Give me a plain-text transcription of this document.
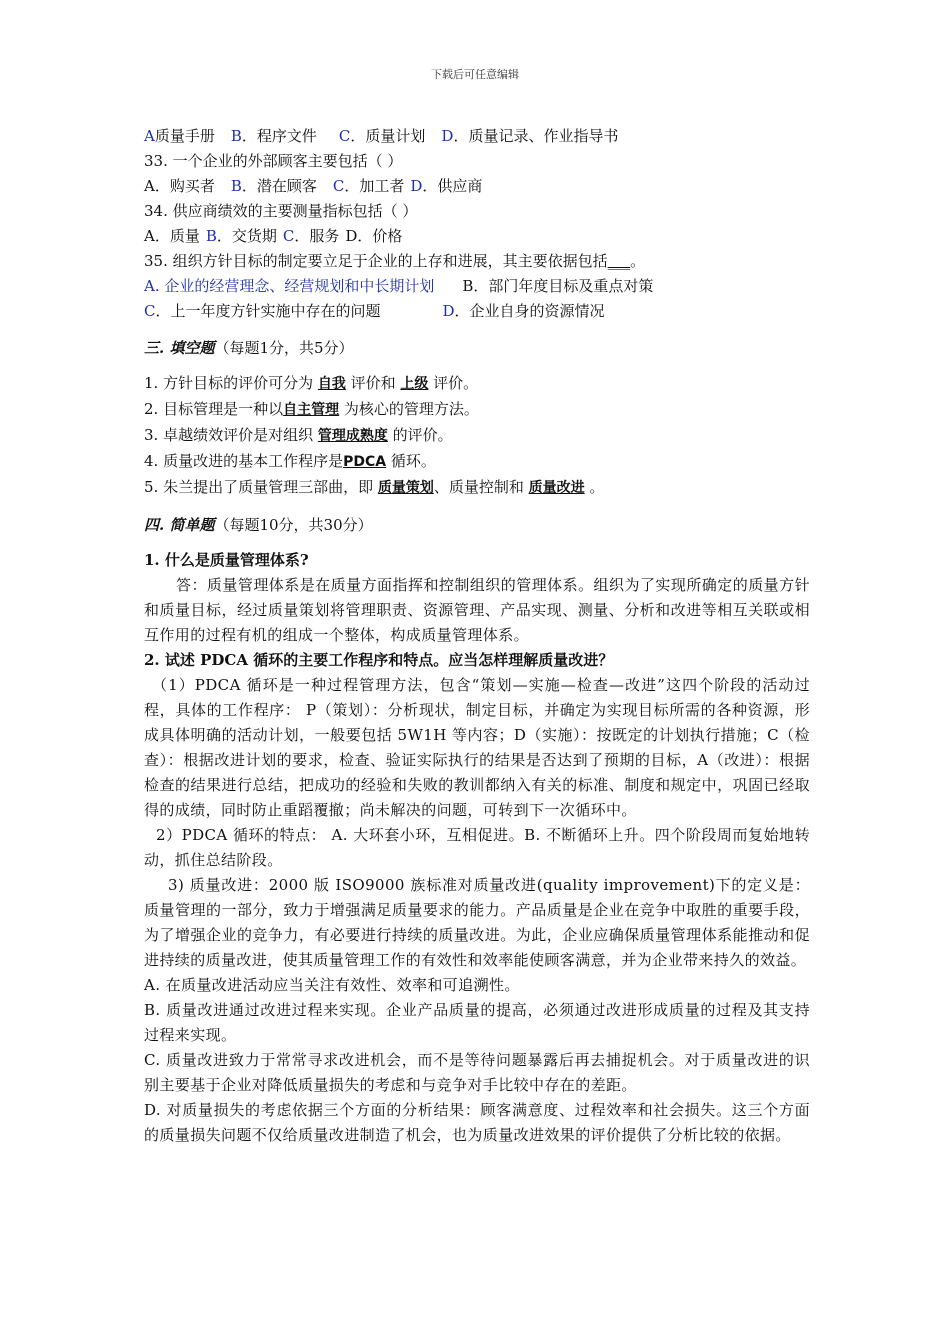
下载后可任意编辑
A质量手册 B．程序文件 C．质量计划 D．质量记录、作业指导书
33. 一个企业的外部顾客主要包括（ ）
A．购买者 B．潜在顾客 C．加工者 D．供应商
34. 供应商绩效的主要测量指标包括（ ）
A．质量 B．交货期 C．服务 D．价格
35. 组织方针目标的制定要立足于企业的上存和进展，其主要依据包括___。
A. 企业的经营理念、经营规划和中长期计划 B．部门年度目标及重点对策
C．上一年度方针实施中存在的问题	D．企业自身的资源情况
三. 填空题（每题1分，共5分）
1. 方针目标的评价可分为 自我 评价和 上级 评价。
2. 目标管理是一种以自主管理 为核心的管理方法。
3. 卓越绩效评价是对组织 管理成熟度 的评价。
4. 质量改进的基本工作程序是PDCA 循环。
5. 朱兰提出了质量管理三部曲，即 质量策划、质量控制和 质量改进 。
四. 简单题（每题10分，共30分）
1. 什么是质量管理体系?
答：质量管理体系是在质量方面指挥和控制组织的管理体系。组织为了实现所确定的质量方针和质量目标，经过质量策划将管理职责、资源管理、产品实现、测量、分析和改进等相互关联或相互作用的过程有机的组成一个整体，构成质量管理体系。
2. 试述 PDCA 循环的主要工作程序和特点。应当怎样理解质量改进？
（1）PDCA 循环是一种过程管理方法，包含“策划—实施—检查—改进”这四个阶段的活动过程，具体的工作程序： P（策划）：分析现状，制定目标，并确定为实现目标所需的各种资源，形成具体明确的活动计划，一般要包括 5W1H 等内容；D（实施）：按既定的计划执行措施；C（检查）：根据改进计划的要求，检查、验证实际执行的结果是否达到了预期的目标，A（改进）：根据检查的结果进行总结，把成功的经验和失败的教训都纳入有关的标准、制度和规定中，巩固已经取得的成绩，同时防止重蹈覆撤；尚未解决的问题，可转到下一次循环中。
2）PDCA 循环的特点： A. 大环套小环，互相促进。B. 不断循环上升。四个阶段周而复始地转动，抓住总结阶段。
3) 质量改进：2000 版 ISO9000 族标准对质量改进(quality improvement)下的定义是：质量管理的一部分，致力于增强满足质量要求的能力。产品质量是企业在竞争中取胜的重要手段，为了增强企业的竞争力，有必要进行持续的质量改进。为此，企业应确保质量管理体系能推动和促进持续的质量改进，使其质量管理工作的有效性和效率能使顾客满意，并为企业带来持久的效益。
A. 在质量改进活动应当关注有效性、效率和可追溯性。
B. 质量改进通过改进过程来实现。企业产品质量的提高，必须通过改进形成质量的过程及其支持过程来实现。
C. 质量改进致力于常常寻求改进机会，而不是等待问题暴露后再去捕捉机会。对于质量改进的识别主要基于企业对降低质量损失的考虑和与竞争对手比较中存在的差距。
D. 对质量损失的考虑依据三个方面的分析结果：顾客满意度、过程效率和社会损失。这三个方面的质量损失问题不仅给质量改进制造了机会，也为质量改进效果的评价提供了分析比较的依据。
